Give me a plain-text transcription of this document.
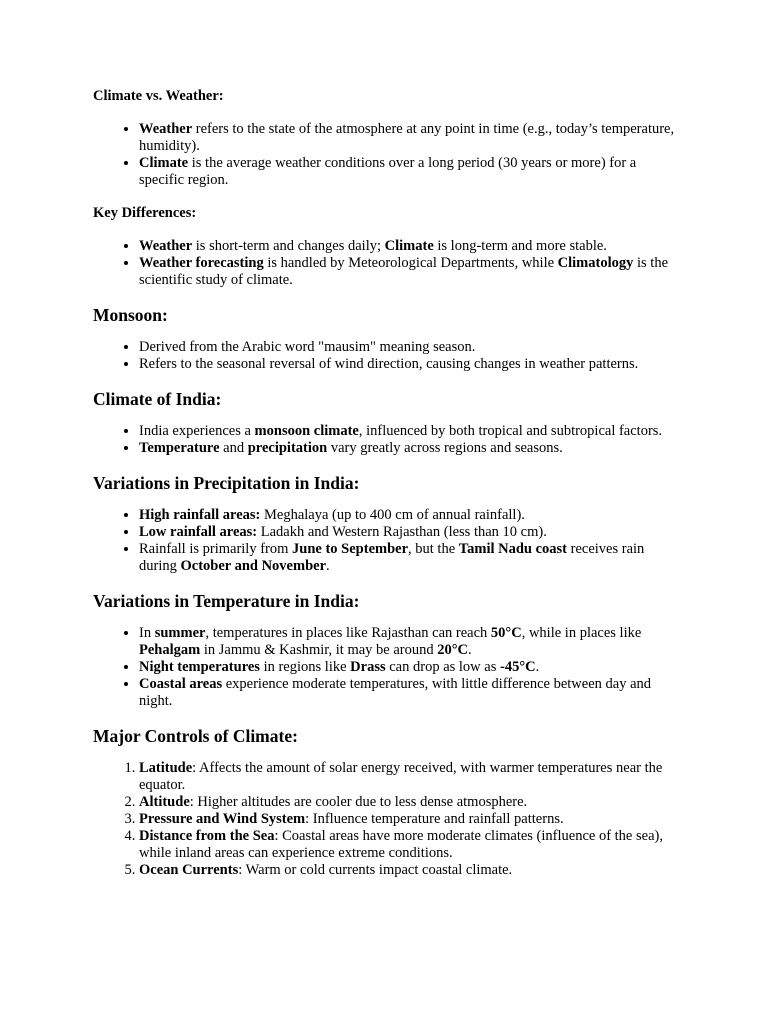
Climate vs. Weather:
• Weather refers to the state of the atmosphere at any point in time (e.g., today’s temperature, humidity).
• Climate is the average weather conditions over a long period (30 years or more) for a specific region.
Key Differences:
• Weather is short-term and changes daily; Climate is long-term and more stable.
• Weather forecasting is handled by Meteorological Departments, while Climatology is the scientific study of climate.
Monsoon:
• Derived from the Arabic word "mausim" meaning season.
• Refers to the seasonal reversal of wind direction, causing changes in weather patterns.
Climate of India:
• India experiences a monsoon climate, influenced by both tropical and subtropical factors.
• Temperature and precipitation vary greatly across regions and seasons.
Variations in Precipitation in India:
• High rainfall areas: Meghalaya (up to 400 cm of annual rainfall).
• Low rainfall areas: Ladakh and Western Rajasthan (less than 10 cm).
• Rainfall is primarily from June to September, but the Tamil Nadu coast receives rain during October and November.
Variations in Temperature in India:
• In summer, temperatures in places like Rajasthan can reach 50°C, while in places like Pehalgam in Jammu & Kashmir, it may be around 20°C.
• Night temperatures in regions like Drass can drop as low as -45°C.
• Coastal areas experience moderate temperatures, with little difference between day and night.
Major Controls of Climate:
1. Latitude: Affects the amount of solar energy received, with warmer temperatures near the equator.
2. Altitude: Higher altitudes are cooler due to less dense atmosphere.
3. Pressure and Wind System: Influence temperature and rainfall patterns.
4. Distance from the Sea: Coastal areas have more moderate climates (influence of the sea), while inland areas can experience extreme conditions.
5. Ocean Currents: Warm or cold currents impact coastal climate.
